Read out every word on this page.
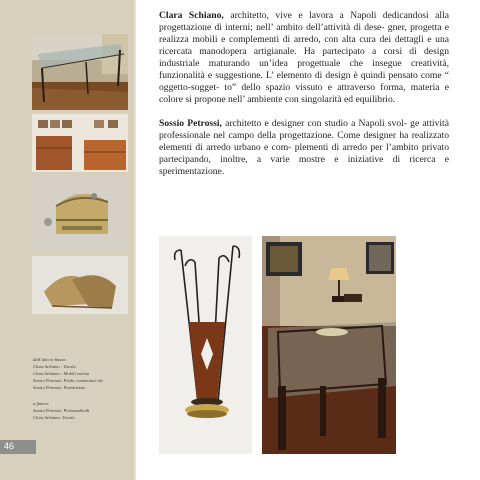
dall’alto in basso:
Clara Schiano : Tavolo
Clara Schiano : Mobili cucina
Sossio Petrossi: Frido, contenitore da
Sossio Petrossi: Portariviste
a fianco:
Sossio Petrossi: Portaombrelli
Clara Schiano: Tavolo
46

Clara Schiano, architetto, vive e lavora a Napoli dedicandosi alla progettazione di interni; nell’ ambito dell’attività di dese- gner, progetta e realizza mobili e complementi di arredo, con alta cura dei dettagli e una ricercata manodopera artigianale. Ha partecipato a corsi di design industriale maturando un’idea progettuale che insegue creatività, funzionalità e suggestione. L’ elemento di design è quindi pensato come “ oggetto-sogget- to” dello spazio vissuto e attraverso forma, materia e colore si propone nell’ ambiente con singolarità ed equilibrio.

Sossio Petrossi, architetto e designer con studio a Napoli svol- ge attività professionale nel campo della progettazione. Come designer ha realizzato elementi di arredo urbano e com- plementi di arredo per l’ambito privato partecipando, inoltre, a varie mostre e iniziative di ricerca e sperimentazione.
